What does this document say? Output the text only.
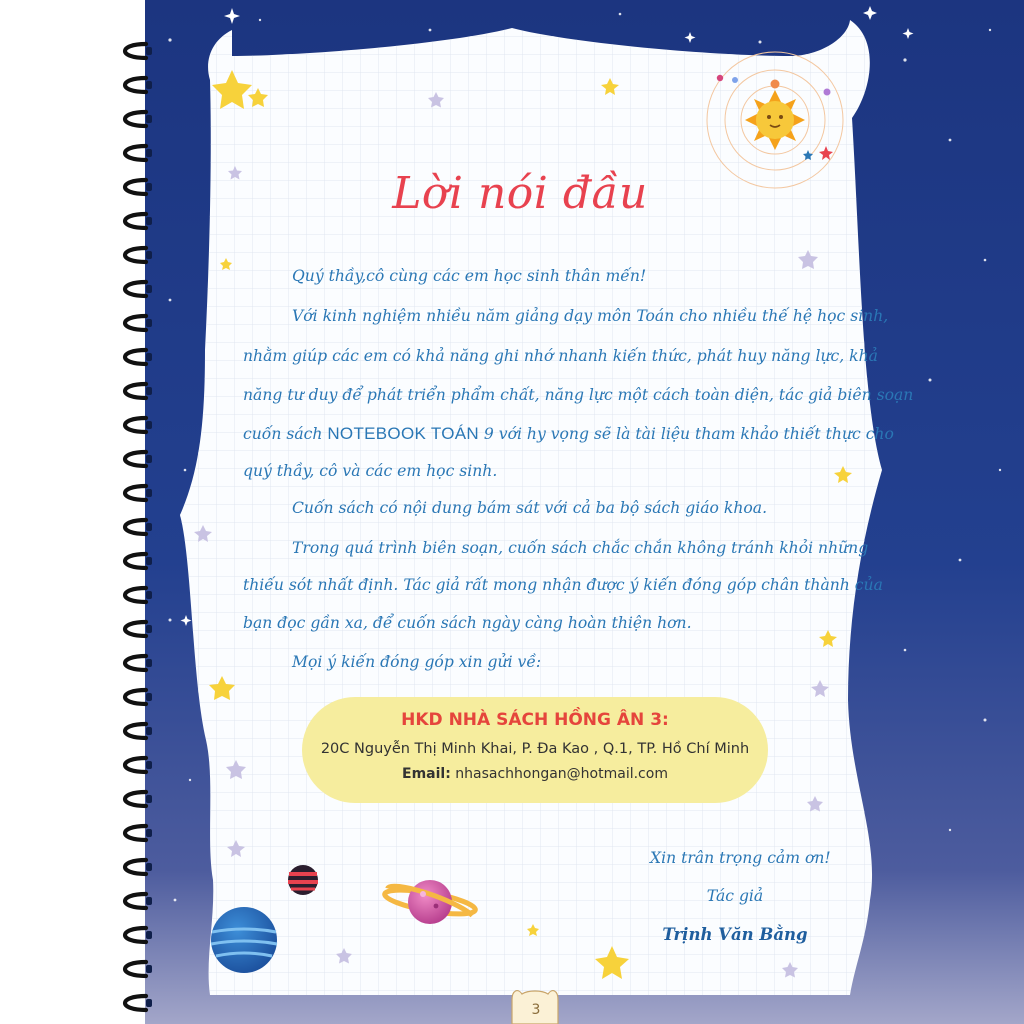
Lời nói đầu
Quý thầy,cô cùng các em học sinh thân mến!
Với kinh nghiệm nhiều năm giảng dạy môn Toán cho nhiều thế hệ học sinh,
nhằm giúp các em có khả năng ghi nhớ nhanh kiến thức, phát huy năng lực, khả
năng tư duy để phát triển phẩm chất, năng lực một cách toàn diện, tác giả biên soạn
cuốn sách NOTEBOOK TOÁN 9 với hy vọng sẽ là tài liệu tham khảo thiết thực cho
quý thầy, cô và các em học sinh.
Cuốn sách có nội dung bám sát với cả ba bộ sách giáo khoa.
Trong quá trình biên soạn, cuốn sách chắc chắn không tránh khỏi những
thiếu sót nhất định. Tác giả rất mong nhận được ý kiến đóng góp chân thành của
bạn đọc gần xa, để cuốn sách ngày càng hoàn thiện hơn.
Mọi ý kiến đóng góp xin gửi về:
HKD NHÀ SÁCH HỒNG ÂN 3:
20C Nguyễn Thị Minh Khai, P. Đa Kao , Q.1, TP. Hồ Chí Minh
Email: nhasachhongan@hotmail.com
Xin trân trọng cảm ơn!
Tác giả
Trịnh Văn Bằng
3
